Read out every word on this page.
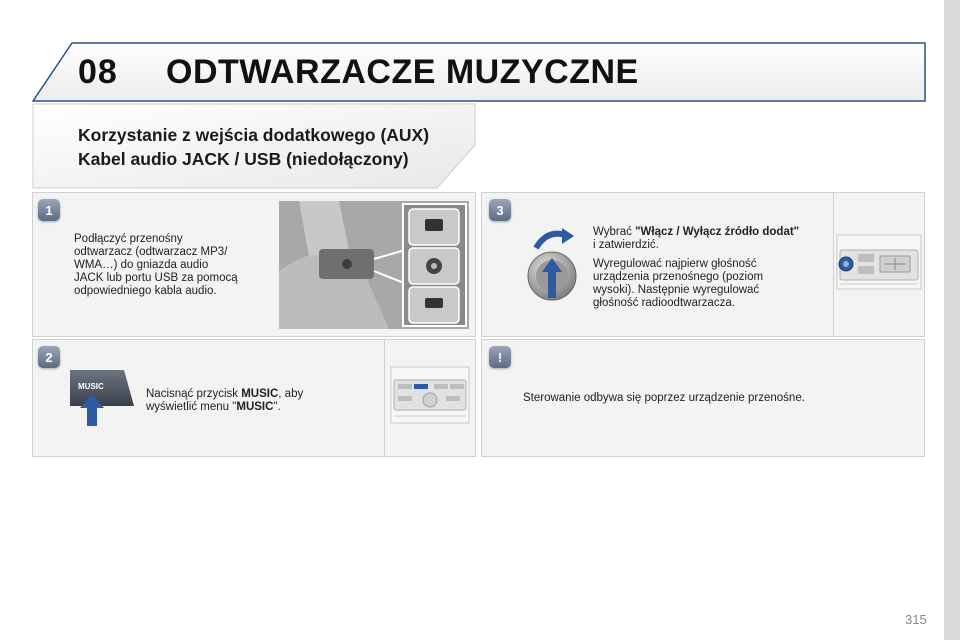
08 ODTWARZACZE MUZYCZNE
Korzystanie z wejścia dodatkowego (AUX)
Kabel audio JACK / USB (niedołączony)
1
Podłączyć przenośny
odtwarzacz (odtwarzacz MP3/
WMA…) do gniazda audio
JACK lub portu USB za pomocą
odpowiedniego kabla audio.
2
MUSIC
Nacisnąć przycisk MUSIC, aby
wyświetlić menu "MUSIC".
3
Wybrać "Włącz / Wyłącz źródło dodat"
i zatwierdzić.
Wyregulować najpierw głośność
urządzenia przenośnego (poziom
wysoki). Następnie wyregulować
głośność radioodtwarzacza.
!
Sterowanie odbywa się poprzez urządzenie przenośne.
315
